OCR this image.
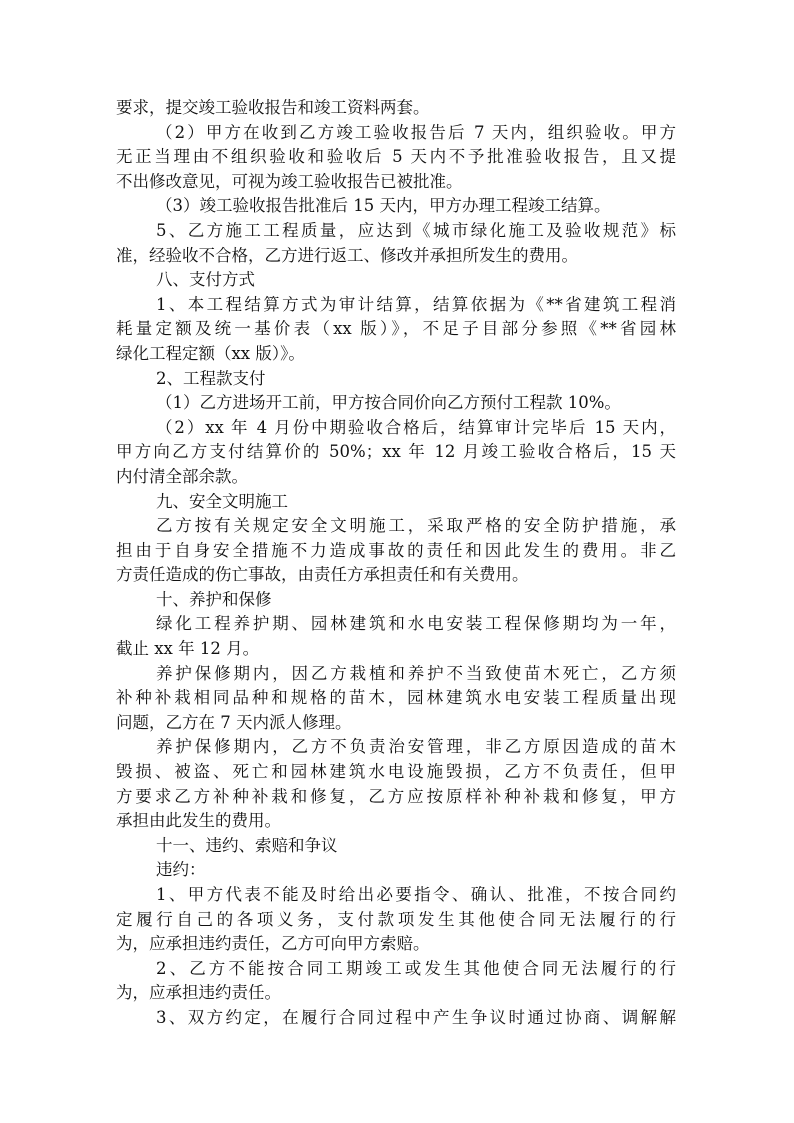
要求，提交竣工验收报告和竣工资料两套。
（2）甲方在收到乙方竣工验收报告后 7 天内，组织验收。甲方
无正当理由不组织验收和验收后 5 天内不予批准验收报告，且又提
不出修改意见，可视为竣工验收报告已被批准。
（3）竣工验收报告批准后 15 天内，甲方办理工程竣工结算。
5、乙方施工工程质量，应达到《城市绿化施工及验收规范》标
准，经验收不合格，乙方进行返工、修改并承担所发生的费用。
八、支付方式
1、本工程结算方式为审计结算，结算依据为《**省建筑工程消
耗量定额及统一基价表（xx 版）》，不足子目部分参照《**省园林
绿化工程定额（xx 版）》。
2、工程款支付
（1）乙方进场开工前，甲方按合同价向乙方预付工程款 10%。
（2）xx 年 4 月份中期验收合格后，结算审计完毕后 15 天内，
甲方向乙方支付结算价的 50%；xx 年 12 月竣工验收合格后，15 天
内付清全部余款。
九、安全文明施工
乙方按有关规定安全文明施工，采取严格的安全防护措施，承
担由于自身安全措施不力造成事故的责任和因此发生的费用。非乙
方责任造成的伤亡事故，由责任方承担责任和有关费用。
十、养护和保修
绿化工程养护期、园林建筑和水电安装工程保修期均为一年，
截止 xx 年 12 月。
养护保修期内，因乙方栽植和养护不当致使苗木死亡，乙方须
补种补栽相同品种和规格的苗木，园林建筑水电安装工程质量出现
问题，乙方在 7 天内派人修理。
养护保修期内，乙方不负责治安管理，非乙方原因造成的苗木
毁损、被盗、死亡和园林建筑水电设施毁损，乙方不负责任，但甲
方要求乙方补种补栽和修复，乙方应按原样补种补栽和修复，甲方
承担由此发生的费用。
十一、违约、索赔和争议
违约：
1、甲方代表不能及时给出必要指令、确认、批准，不按合同约
定履行自己的各项义务，支付款项发生其他使合同无法履行的行
为，应承担违约责任，乙方可向甲方索赔。
2、乙方不能按合同工期竣工或发生其他使合同无法履行的行
为，应承担违约责任。
3、双方约定，在履行合同过程中产生争议时通过协商、调解解
